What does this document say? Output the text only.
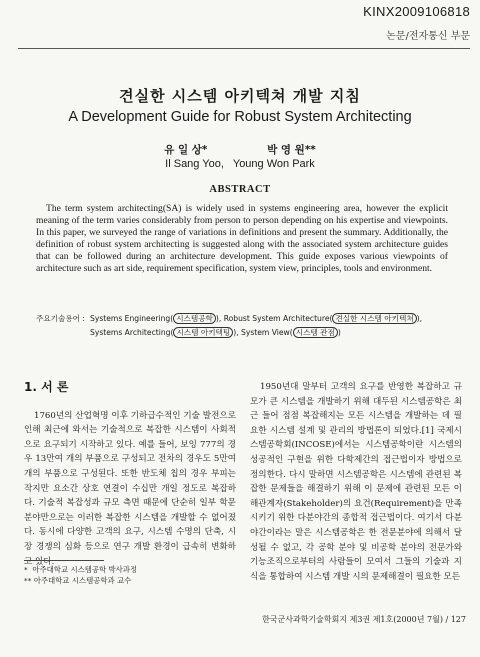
KINX2009106818
논문/전자통신 부문
견실한 시스템 아키텍쳐 개발 지침
A Development Guide for Robust System Architecting
유 일 상*	박 영 원**
Il Sang Yoo,   Young Won Park
ABSTRACT
The term system architecting(SA) is widely used in systems engineering area, however the explicit meaning of the term varies considerably from person to person depending on his expertise and viewpoints. In this paper, we surveyed the range of variations in definitions and present the summary. Additionally, the definition of robust system architecting is suggested along with the associated system architecture guides that can be followed during an architecture development. This guide exposes various viewpoints of architecture such as art side, requirement specification, system view, principles, tools and environment.
주요기술용어 : Systems Engineering( 시스템공학 ), Robust System Architecture( 견실한 시스템 아키텍쳐 ), Systems Architecting( 시스템 아키텍팅 ), System View( 시스템 관점 )
1. 서 론

1760년의 산업혁명 이후 기하급수적인 기술 발전으로 인해 최근에 와서는 기술적으로 복잡한 시스템이 사회적으로 요구되기 시작하고 있다. 예를 들어, 보잉 777의 경우 13만여 개의 부품으로 구성되고 전차의 경우도 5만여 개의 부품으로 구성된다. 또한 반도체 칩의 경우 부피는 작지만 요소간 상호 연결이 수십만 개일 정도로 복잡하다. 기술적 복잡성과 규모 측면 때문에 단순히 일부 학문 분야만으로는 이러한 복잡한 시스템을 개발할 수 없어졌다. 동시에 다양한 고객의 요구, 시스템 수명의 단축, 시장 경쟁의 심화 등으로 연구 개발 환경이 급속히 변화하고 있다.

*  아주대학교 시스템공학 박사과정
** 아주대학교 시스템공학과 교수

1950년대 말부터 고객의 요구를 반영한 복잡하고 규모가 큰 시스템을 개발하기 위해 대두된 시스템공학은 최근 들어 점점 복잡해지는 모든 시스템을 개발하는 데 필요한 시스템 설계 및 관리의 방법론이 되었다.[1] 국제시스템공학회(INCOSE)에서는 시스템공학이란 시스템의 성공적인 구현을 위한 다학제간의 접근법이자 방법으로 정의한다. 다시 말하면 시스템공학은 시스템에 관련된 복잡한 문제들을 해결하기 위해 이 문제에 관련된 모든 이해관계자(Stakeholder)의 요건(Requirement)을 만족시키기 위한 다분야간의 종합적 접근법이다. 여기서 다분야간이라는 말은 시스템공학은 한 전문분야에 의해서 달성될 수 없고, 각 공학 분야 및 비공학 분야의 전문가와 기능조직으로부터의 사람들이 모여서 그들의 기술과 지식을 통합하여 시스템 개발 시의 문제해결이 필요한 모든

한국군사과학기술학회지 제3권 제1호(2000년 7월) / 127
